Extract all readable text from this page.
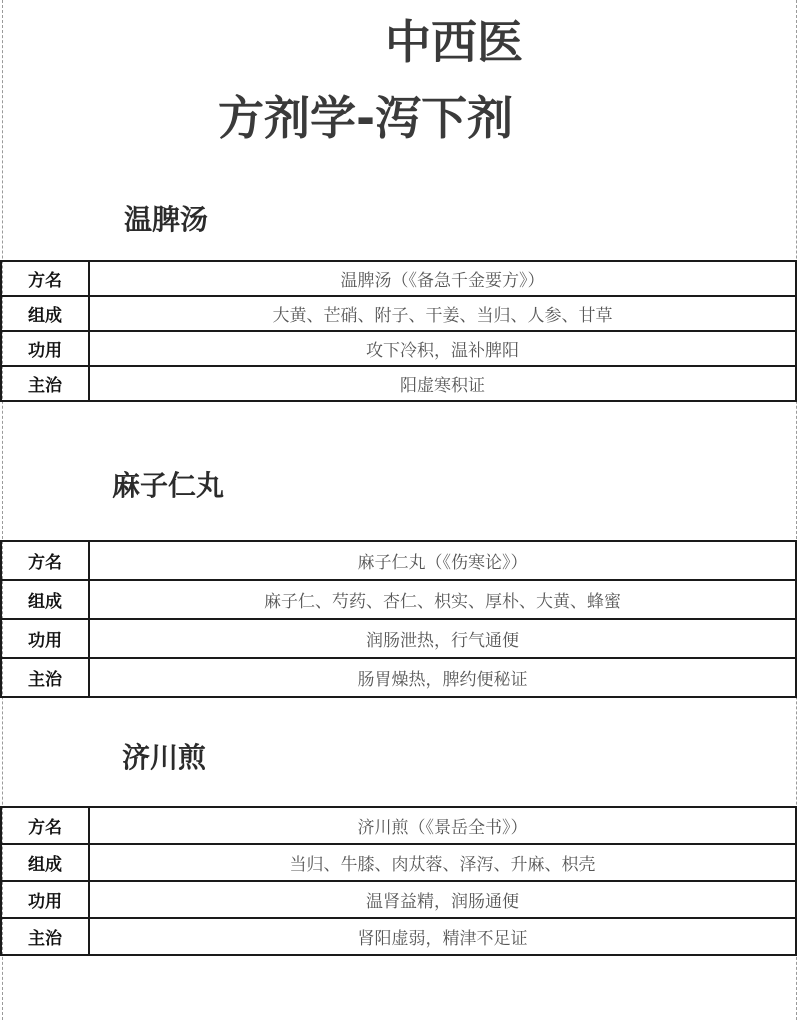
中西医
方剂学-泻下剂
温脾汤
方名	温脾汤（《备急千金要方》）
组成	大黄、芒硝、附子、干姜、当归、人参、甘草
功用	攻下冷积，温补脾阳
主治	阳虚寒积证
麻子仁丸
方名	麻子仁丸（《伤寒论》）
组成	麻子仁、芍药、杏仁、枳实、厚朴、大黄、蜂蜜
功用	润肠泄热，行气通便
主治	肠胃燥热，脾约便秘证
济川煎
方名	济川煎（《景岳全书》）
组成	当归、牛膝、肉苁蓉、泽泻、升麻、枳壳
功用	温肾益精，润肠通便
主治	肾阳虚弱，精津不足证
